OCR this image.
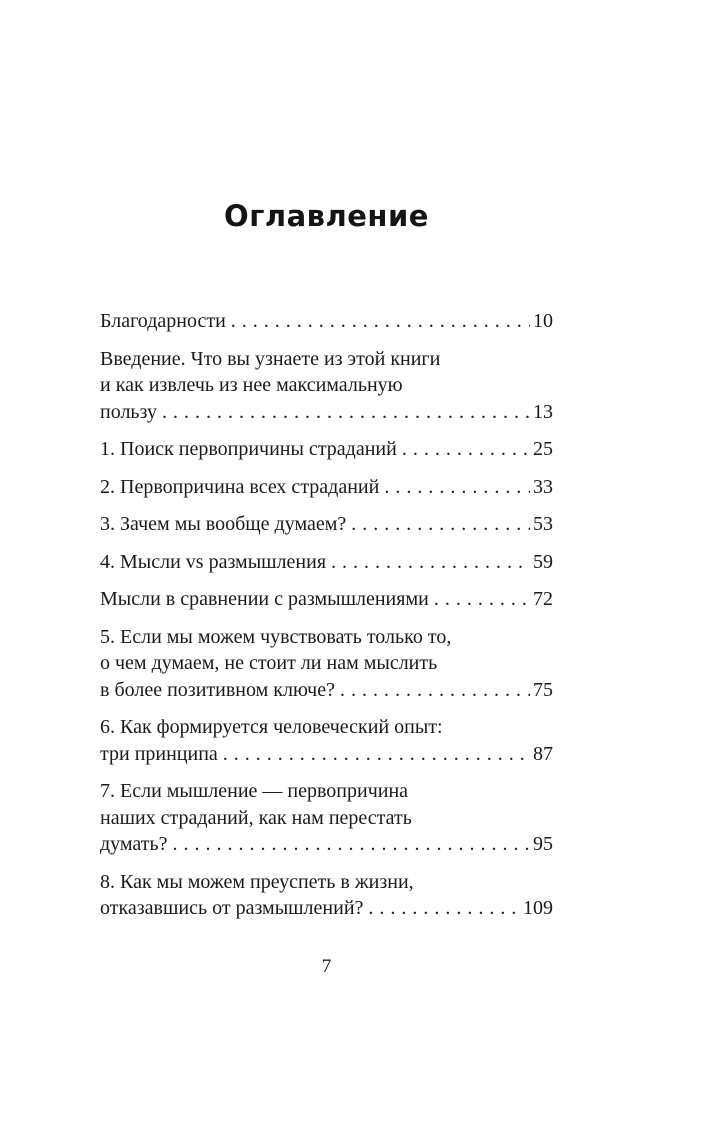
Оглавление
Благодарности .....	10
Введение. Что вы узнаете из этой книги
и как извлечь из нее максимальную
пользу .....	13
1. Поиск первопричины страданий .....	25
2. Первопричина всех страданий .....	33
3. Зачем мы вообще думаем? .....	53
4. Мысли vs размышления .....	59
Мысли в сравнении с размышлениями .....	72
5. Если мы можем чувствовать только то,
о чем думаем, не стоит ли нам мыслить
в более позитивном ключе? .....	75
6. Как формируется человеческий опыт:
три принципа .....	87
7. Если мышление — первопричина
наших страданий, как нам перестать
думать? .....	95
8. Как мы можем преуспеть в жизни,
отказавшись от размышлений? .....	109
7
